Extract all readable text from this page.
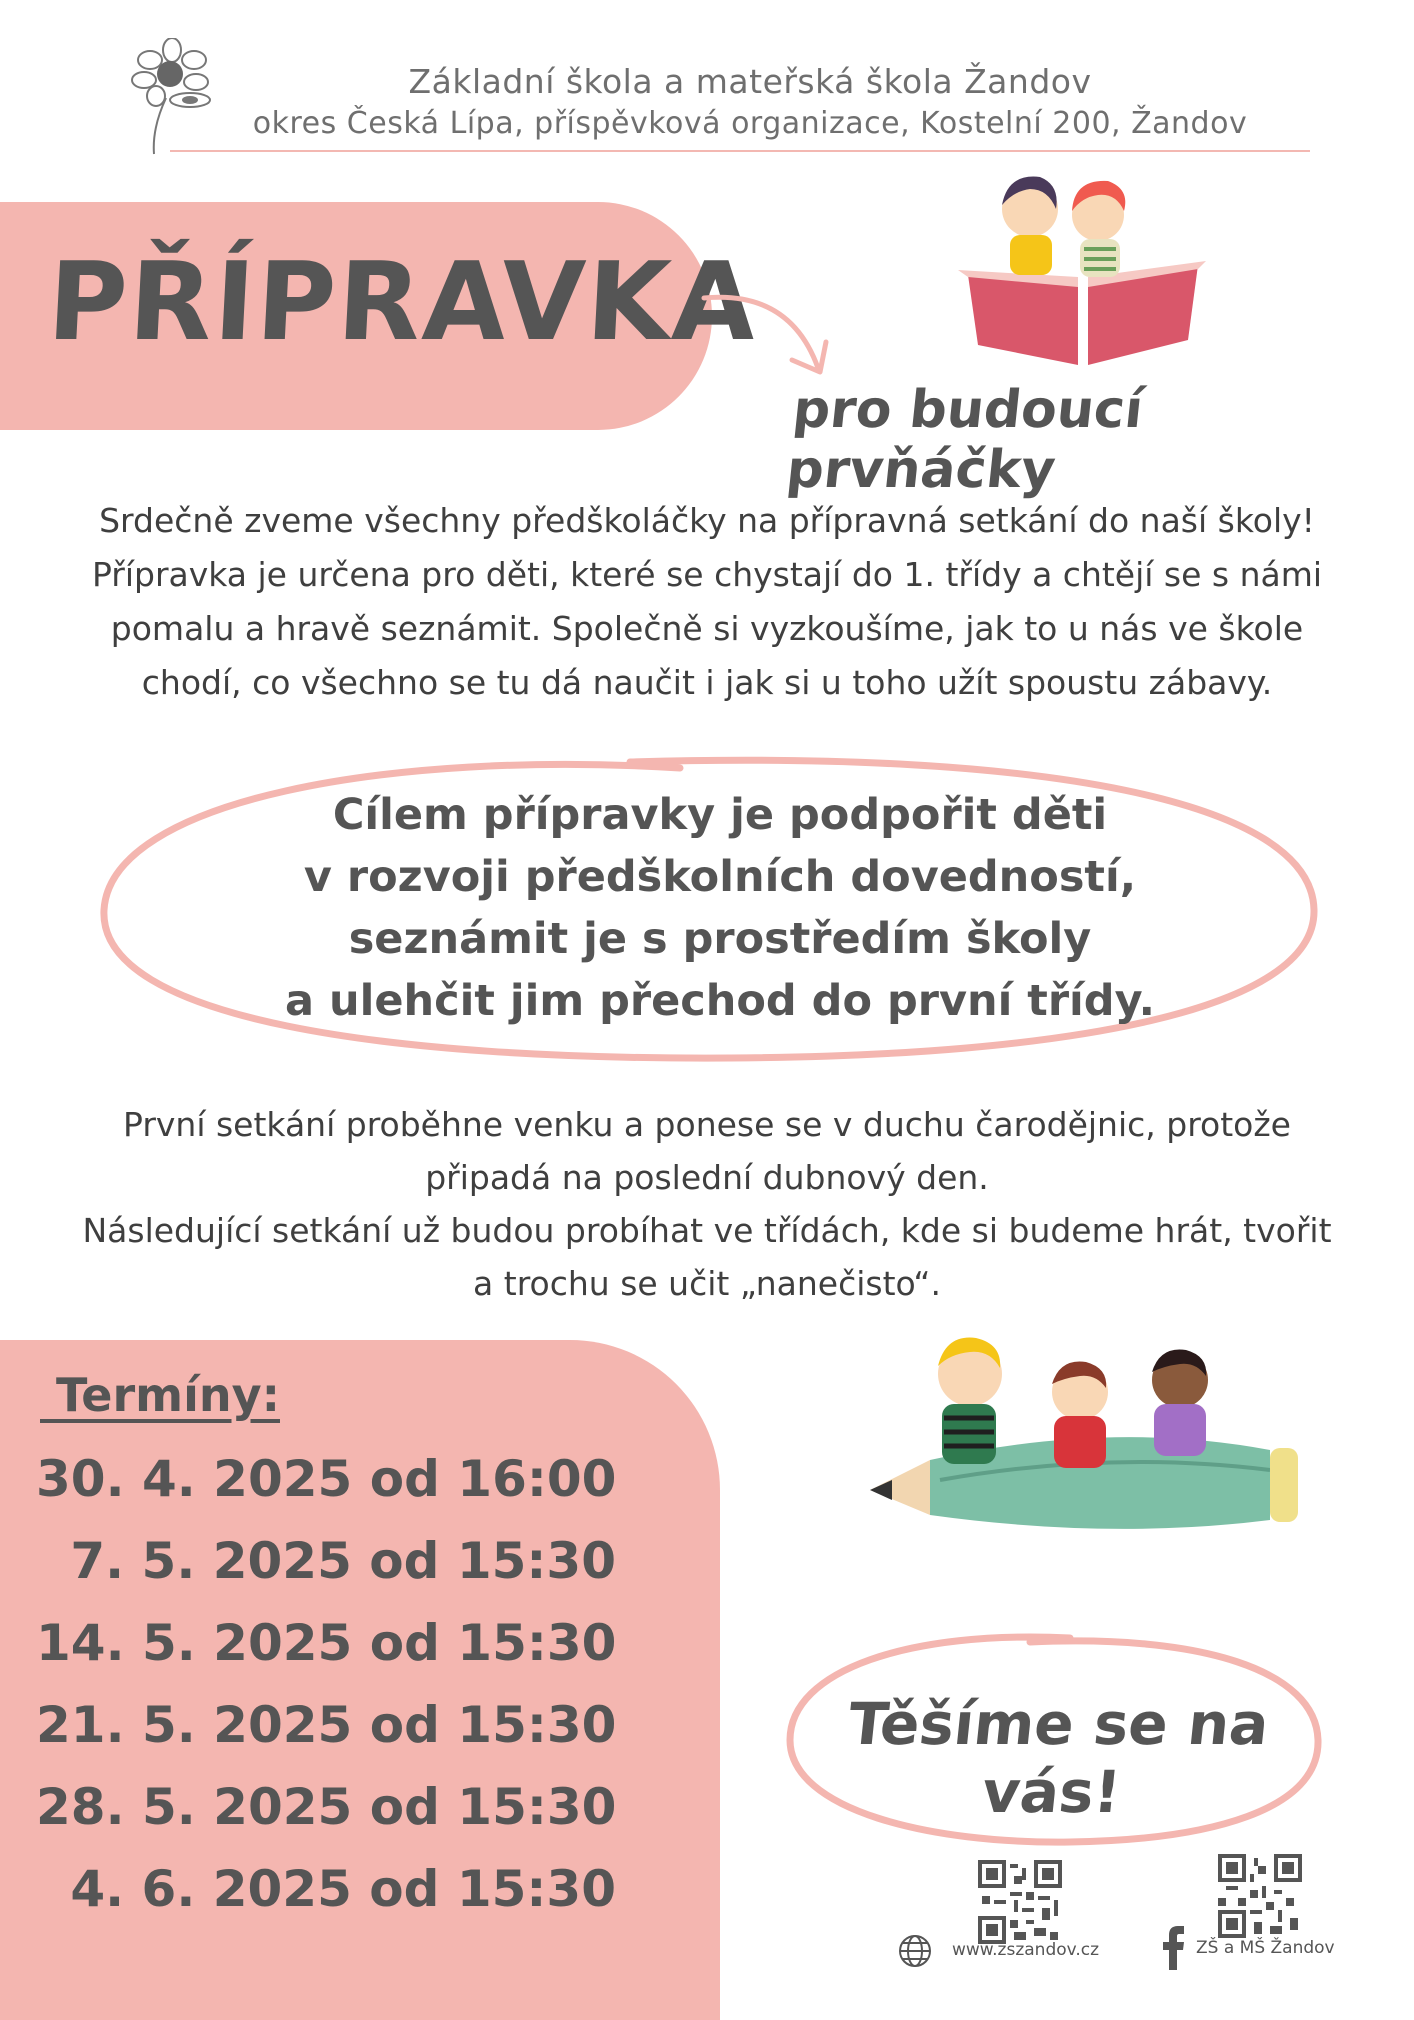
Základní škola a mateřská škola Žandov
okres Česká Lípa, příspěvková organizace, Kostelní 200, Žandov
PŘÍPRAVKA
pro budoucí prvňáčky

Srdečně zveme všechny předškoláčky na přípravná setkání do naší školy!

Přípravka je určena pro děti, které se chystají do 1. třídy a chtějí se s námi

pomalu a hravě seznámit. Společně si vyzkoušíme, jak to u nás ve škole

chodí, co všechno se tu dá naučit i jak si u toho užít spoustu zábavy.

Cílem přípravky je podpořit děti

v rozvoji předškolních dovedností,

seznámit je s prostředím školy

a ulehčit jim přechod do první třídy.

První setkání proběhne venku a ponese se v duchu čarodějnic, protože

připadá na poslední dubnový den.

Následující setkání už budou probíhat ve třídách, kde si budeme hrát, tvořit

a trochu se učit „nanečisto“.

Termíny:
30. 4. 2025 od 16:00
7. 5. 2025 od 15:30
14. 5. 2025 od 15:30
21. 5. 2025 od 15:30
28. 5. 2025 od 15:30
4. 6. 2025 od 15:30
Těšíme se na vás!
www.zszandov.cz	ZŠ a MŠ Žandov
